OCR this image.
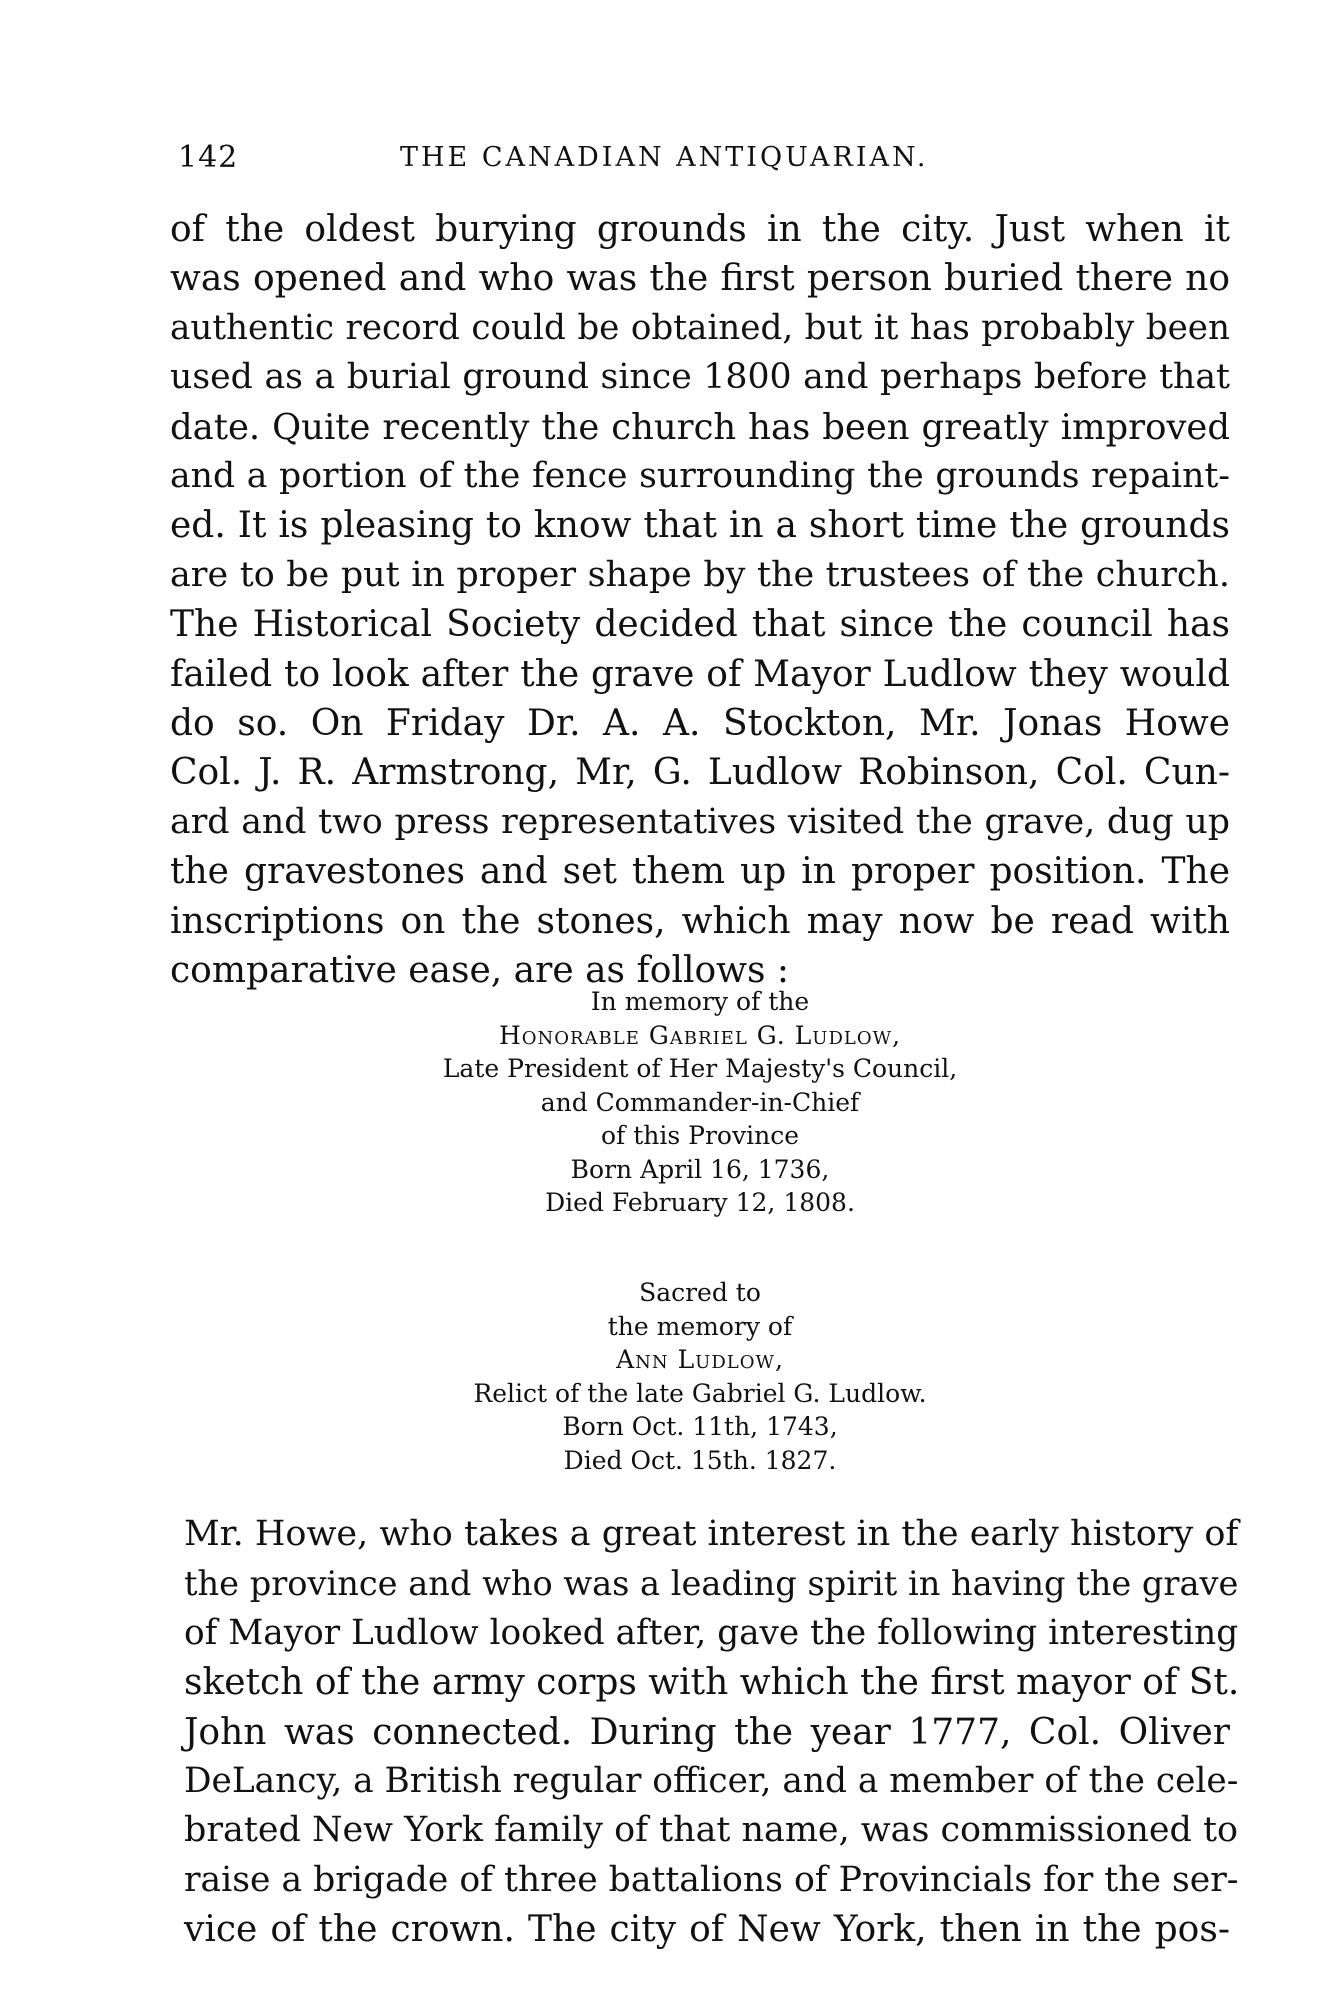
142	THE CANADIAN ANTIQUARIAN.

of the oldest burying grounds in the city. Just when it
was opened and who was the first person buried there no
authentic record could be obtained, but it has probably been
used as a burial ground since 1800 and perhaps before that
date. Quite recently the church has been greatly improved
and a portion of the fence surrounding the grounds repaint-
ed. It is pleasing to know that in a short time the grounds
are to be put in proper shape by the trustees of the church.
The Historical Society decided that since the council has
failed to look after the grave of Mayor Ludlow they would
do so. On Friday Dr. A. A. Stockton, Mr. Jonas Howe
Col. J. R. Armstrong, Mr, G. Ludlow Robinson, Col. Cun-
ard and two press representatives visited the grave, dug up
the gravestones and set them up in proper position. The
inscriptions on the stones, which may now be read with
comparative ease, are as follows :

In memory of the
Honorable Gabriel G. Ludlow,
Late President of Her Majesty's Council,
and Commander-in-Chief
of this Province
Born April 16, 1736,
Died February 12, 1808.
Sacred to
the memory of
Ann Ludlow,
Relict of the late Gabriel G. Ludlow.
Born Oct. 11th, 1743,
Died Oct. 15th. 1827.

Mr. Howe, who takes a great interest in the early history of
the province and who was a leading spirit in having the grave
of Mayor Ludlow looked after, gave the following interesting
sketch of the army corps with which the first mayor of St.
John was connected. During the year 1777, Col. Oliver
DeLancy, a British regular officer, and a member of the cele-
brated New York family of that name, was commissioned to
raise a brigade of three battalions of Provincials for the ser-
vice of the crown. The city of New York, then in the pos-
